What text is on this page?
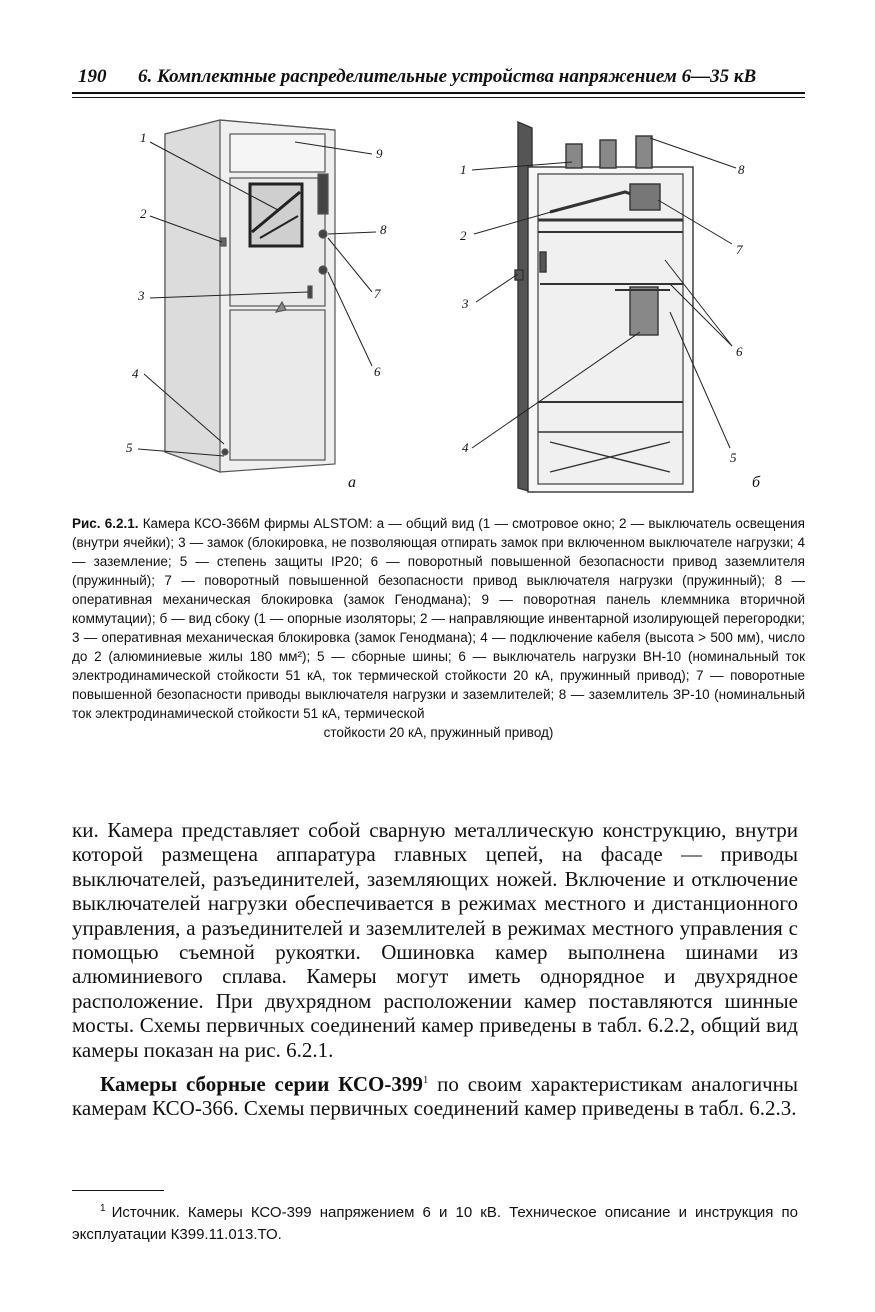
190 6. Комплектные распределительные устройства напряжением 6—35 кВ
1
2
3
4
5
6
7
8
9
1
2
3
4
5
6
7
8
а	б
Рис. 6.2.1. Камера КСО-366М фирмы ALSTOM: а — общий вид (1 — смотровое окно; 2 — выключатель освещения (внутри ячейки); 3 — замок (блокировка, не позволяющая отпирать замок при включенном выключателе нагрузки; 4 — заземление; 5 — степень защиты IP20; 6 — поворотный повышенной безопасности привод заземлителя (пружинный); 7 — поворотный повышенной безопасности привод выключателя нагрузки (пружинный); 8 — оперативная механическая блокировка (замок Генодмана); 9 — поворотная панель клеммника вторичной коммутации); б — вид сбоку (1 — опорные изоляторы; 2 — направляющие инвентарной изолирующей перегородки; 3 — оперативная механическая блокировка (замок Генодмана); 4 — подключение кабеля (высота > 500 мм), число до 2 (алюминиевые жилы 180 мм²); 5 — сборные шины; 6 — выключатель нагрузки ВН-10 (номинальный ток электродинамической стойкости 51 кА, ток термической стойкости 20 кА, пружинный привод); 7 — поворотные повышенной безопасности приводы выключателя нагрузки и заземлителей; 8 — заземлитель ЗР-10 (номинальный ток электродинамической стойкости 51 кА, термической
стойкости 20 кА, пружинный привод)

ки. Камера представляет собой сварную металлическую конструкцию, внутри которой размещена аппаратура главных цепей, на фасаде — приводы выключателей, разъединителей, заземляющих ножей. Включение и отключение выключателей нагрузки обеспечивается в режимах местного и дистанционного управления, а разъединителей и заземлителей в режимах местного управления с помощью съемной рукоятки. Ошиновка камер выполнена шинами из алюминиевого сплава. Камеры могут иметь однорядное и двухрядное расположение. При двухрядном расположении камер поставляются шинные мосты. Схемы первичных соединений камер приведены в табл. 6.2.2, общий вид камеры показан на рис. 6.2.1.

Камеры сборные серии КСО-$399^1$ по своим характеристикам аналогичны камерам КСО-366. Схемы первичных соединений камер приведены в табл. 6.2.3.

$^1$ Источник. Камеры КСО-399 напряжением 6 и 10 кВ. Техническое описание и инструкция по эксплуатации К399.11.013.ТО.
